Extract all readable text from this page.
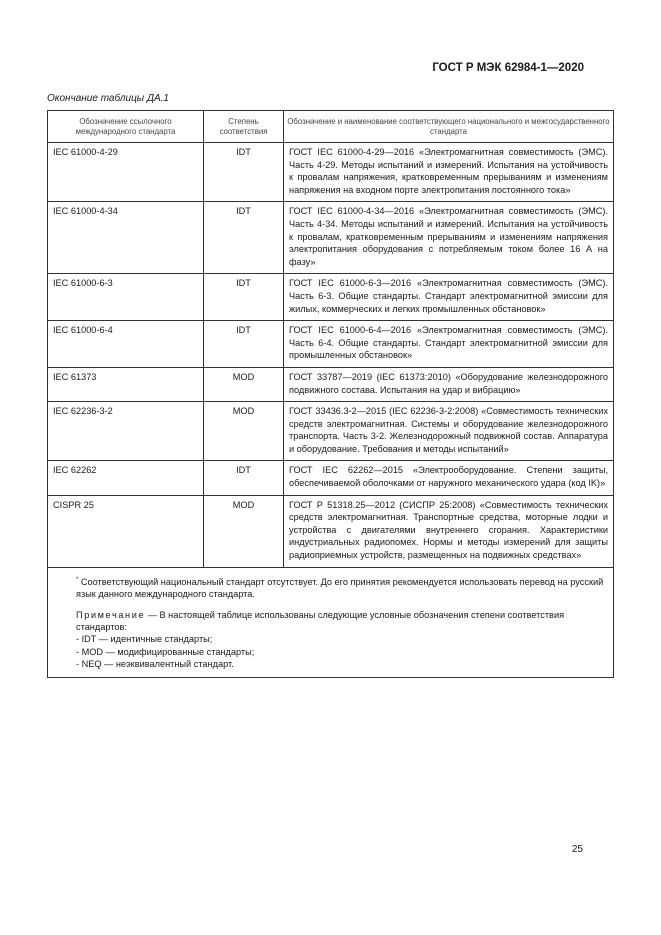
ГОСТ Р МЭК 62984-1—2020
Окончание таблицы ДА.1
Обозначение ссылочного международного стандарта	Степень соответствия	Обозначение и наименование соответствующего национального и межгосударственного стандарта
IEC 61000-4-29	IDT	ГОСТ IEC 61000-4-29—2016 «Электромагнитная совместимость (ЭМС). Часть 4-29. Методы испытаний и измерений. Испытания на устойчивость к провалам напряжения, кратковременным прерываниям и изменениям напряжения на входном порте электропитания постоянного тока»
IEC 61000-4-34	IDT	ГОСТ IEC 61000-4-34—2016 «Электромагнитная совместимость (ЭМС). Часть 4-34. Методы испытаний и измерений. Испытания на устойчивость к провалам, кратковременным прерываниям и изменениям напряжения электропитания оборудования с потребляемым током более 16 А на фазу»
IEC 61000-6-3	IDT	ГОСТ IEC 61000-6-3—2016 «Электромагнитная совместимость (ЭМС). Часть 6-3. Общие стандарты. Стандарт электромагнитной эмиссии для жилых, коммерческих и легких промышленных обстановок»
IEC 61000-6-4	IDT	ГОСТ IEC 61000-6-4—2016 «Электромагнитная совместимость (ЭМС). Часть 6-4. Общие стандарты. Стандарт электромагнитной эмиссии для промышленных обстановок»
IEC 61373	MOD	ГОСТ 33787—2019 (IEC 61373:2010) «Оборудование железнодорожного подвижного состава. Испытания на удар и вибрацию»
IEC 62236-3-2	MOD	ГОСТ 33436.3-2—2015 (IEC 62236-3-2:2008) «Совместимость технических средств электромагнитная. Системы и оборудование железнодорожного транспорта. Часть 3-2. Железнодорожный подвижной состав. Аппаратура и оборудование. Требования и методы испытаний»
IEC 62262	IDT	ГОСТ IEC 62262—2015 «Электрооборудование. Степени защиты, обеспечиваемой оболочками от наружного механического удара (код IK)»
CISPR 25	MOD	ГОСТ Р 51318.25—2012 (СИСПР 25:2008) «Совместимость технических средств электромагнитная. Транспортные средства, моторные лодки и устройства с двигателями внутреннего сгорания. Характеристики индустриальных радиопомех. Нормы и методы измерений для защиты радиоприемных устройств, размещенных на подвижных средствах»

* Соответствующий национальный стандарт отсутствует. До его принятия рекомендуется использовать перевод на русский язык данного международного стандарта.

Примечание — В настоящей таблице использованы следующие условные обозначения степени соответствия стандартов:

- IDT — идентичные стандарты;

- MOD — модифицированные стандарты;

- NEQ — неэквивалентный стандарт.		

25
